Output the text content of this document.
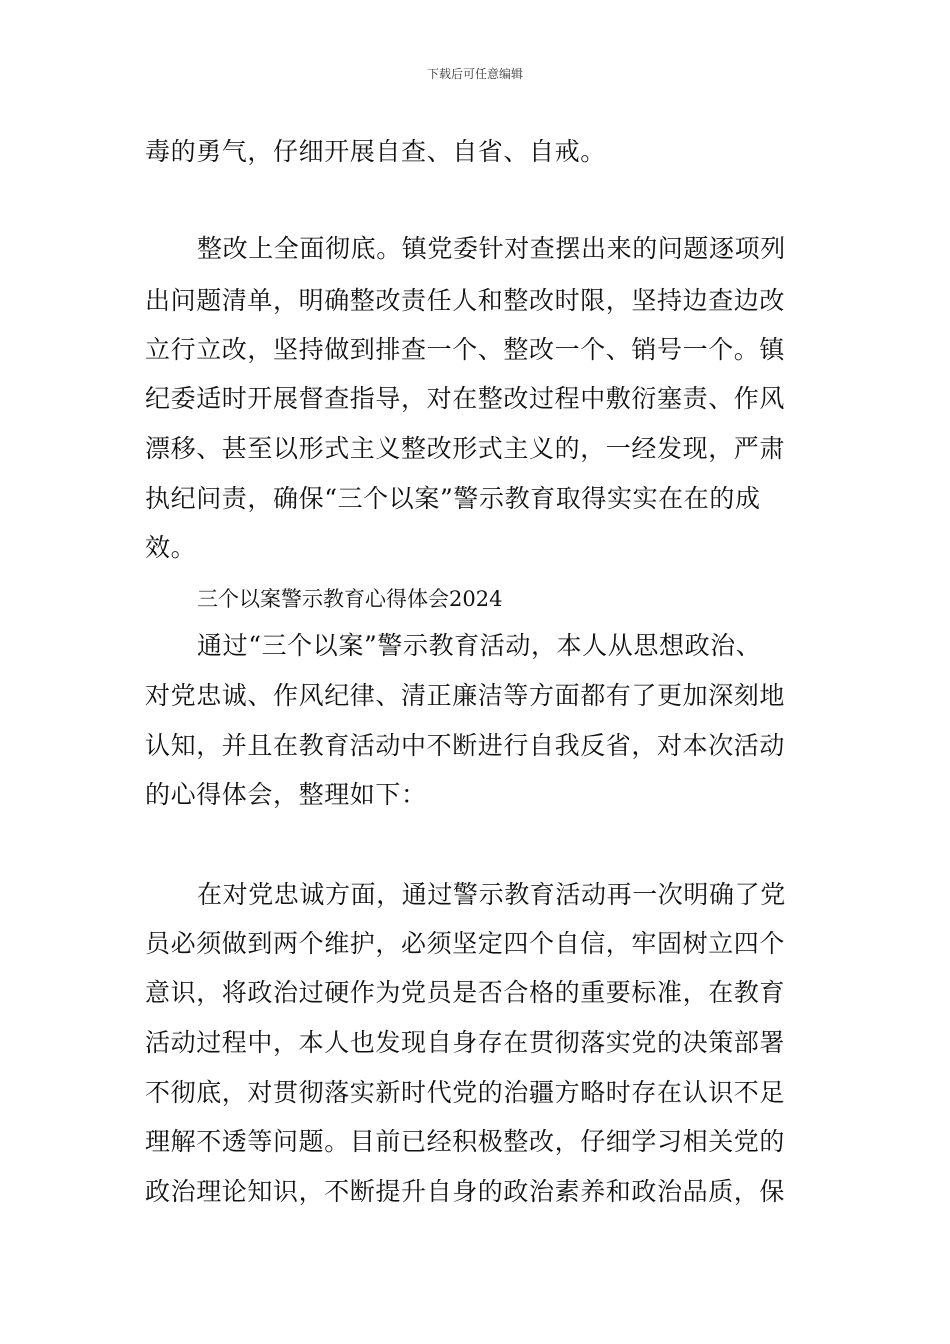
下载后可任意编辑
毒的勇气，仔细开展自查、自省、自戒。
整改上全面彻底。镇党委针对查摆出来的问题逐项列
出问题清单，明确整改责任人和整改时限，坚持边查边改
立行立改，坚持做到排查一个、整改一个、销号一个。镇
纪委适时开展督查指导，对在整改过程中敷衍塞责、作风
漂移、甚至以形式主义整改形式主义的，一经发现，严肃
执纪问责，确保“三个以案”警示教育取得实实在在的成
效。
三个以案警示教育心得体会2024
通过“三个以案”警示教育活动，本人从思想政治、
对党忠诚、作风纪律、清正廉洁等方面都有了更加深刻地
认知，并且在教育活动中不断进行自我反省，对本次活动
的心得体会，整理如下：
在对党忠诚方面，通过警示教育活动再一次明确了党
员必须做到两个维护，必须坚定四个自信，牢固树立四个
意识，将政治过硬作为党员是否合格的重要标准，在教育
活动过程中，本人也发现自身存在贯彻落实党的决策部署
不彻底，对贯彻落实新时代党的治疆方略时存在认识不足
理解不透等问题。目前已经积极整改，仔细学习相关党的
政治理论知识，不断提升自身的政治素养和政治品质，保
